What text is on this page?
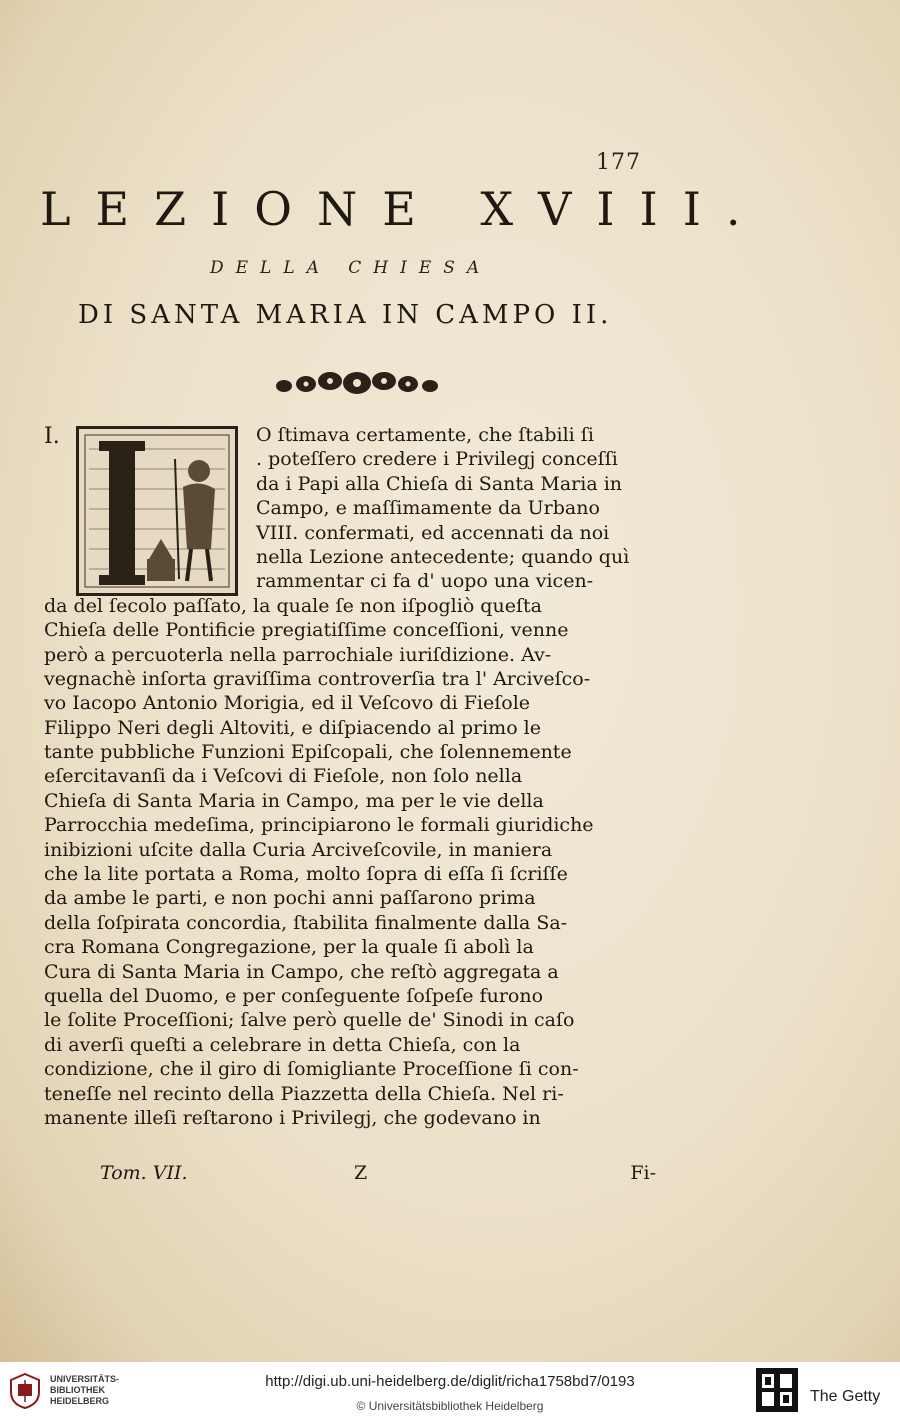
177
LEZIONE XVIII.
DELLA CHIESA
DI SANTA MARIA IN CAMPO II.
I.	O ſtimava certamente, che ſtabili ſi
. poteſſero credere i Privilegj conceſſi
da i Papi alla Chieſa di Santa Maria in
Campo, e maſſimamente da Urbano
VIII. confermati, ed accennati da noi
nella Lezione antecedente; quando quì
rammentar ci fa d' uopo una vicen-
da del ſecolo paſſato, la quale ſe non iſpogliò queſta
Chieſa delle Pontificie pregiatiſſime conceſſioni, venne
però a percuoterla nella parrochiale iuriſdizione. Av-
vegnachè inſorta graviſſima controverſia tra l' Arciveſco-
vo Iacopo Antonio Morigia, ed il Veſcovo di Fieſole
Filippo Neri degli Altoviti, e diſpiacendo al primo le
tante pubbliche Funzioni Epiſcopali, che ſolennemente
eſercitavanſi da i Veſcovi di Fieſole, non ſolo nella
Chieſa di Santa Maria in Campo, ma per le vie della
Parrocchia medeſima, principiarono le formali giuridiche
inibizioni uſcite dalla Curia Arciveſcovile, in maniera
che la lite portata a Roma, molto ſopra di eſſa ſi ſcriſſe
da ambe le parti, e non pochi anni paſſarono prima
della ſoſpirata concordia, ſtabilita finalmente dalla Sa-
cra Romana Congregazione, per la quale ſi abolì la
Cura di Santa Maria in Campo, che reſtò aggregata a
quella del Duomo, e per conſeguente ſoſpeſe furono
le ſolite Proceſſioni; ſalve però quelle de' Sinodi in caſo
di averſi queſti a celebrare in detta Chieſa, con la
condizione, che il giro di ſomigliante Proceſſione ſi con-
teneſſe nel recinto della Piazzetta della Chieſa. Nel ri-
manente illeſi reſtarono i Privilegj, che godevano in
Tom. VII.	Z	Fi-
UNIVERSITÄTS-
BIBLIOTHEK
HEIDELBERG
http://digi.ub.uni-heidelberg.de/diglit/richa1758bd7/0193
© Universitätsbibliothek Heidelberg
The Getty
